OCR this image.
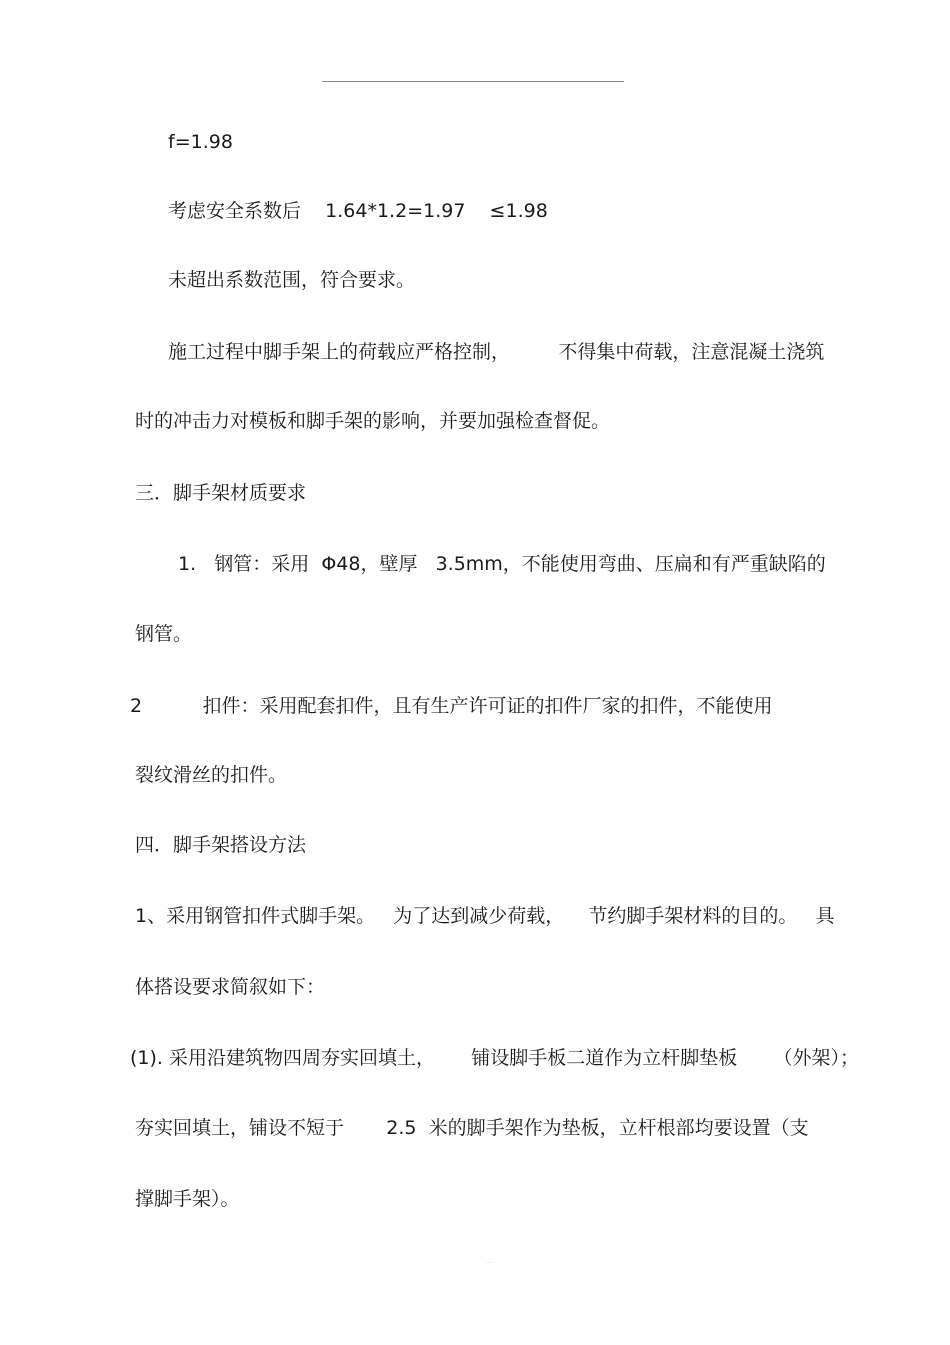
f=1.98

考虑安全系数后    1.64*1.2=1.97    ≤1.98

未超出系数范围，符合要求。

施工过程中脚手架上的荷载应严格控制，        不得集中荷载，注意混凝土浇筑

时的冲击力对模板和脚手架的影响，并要加强检查督促。

三．脚手架材质要求

1.   钢管：采用  Φ48，壁厚   3.5mm，不能使用弯曲、压扁和有严重缺陷的

钢管。

2          扣件：采用配套扣件，且有生产许可证的扣件厂家的扣件，不能使用

裂纹滑丝的扣件。

四．脚手架搭设方法

1、采用钢管扣件式脚手架。   为了达到减少荷载，    节约脚手架材料的目的。   具

体搭设要求简叙如下：

(1). 采用沿建筑物四周夯实回填土，      铺设脚手板二道作为立杆脚垫板      （外架）；

夯实回填土，铺设不短于       2.5  米的脚手架作为垫板，立杆根部均要设置（支

撑脚手架）。

...
